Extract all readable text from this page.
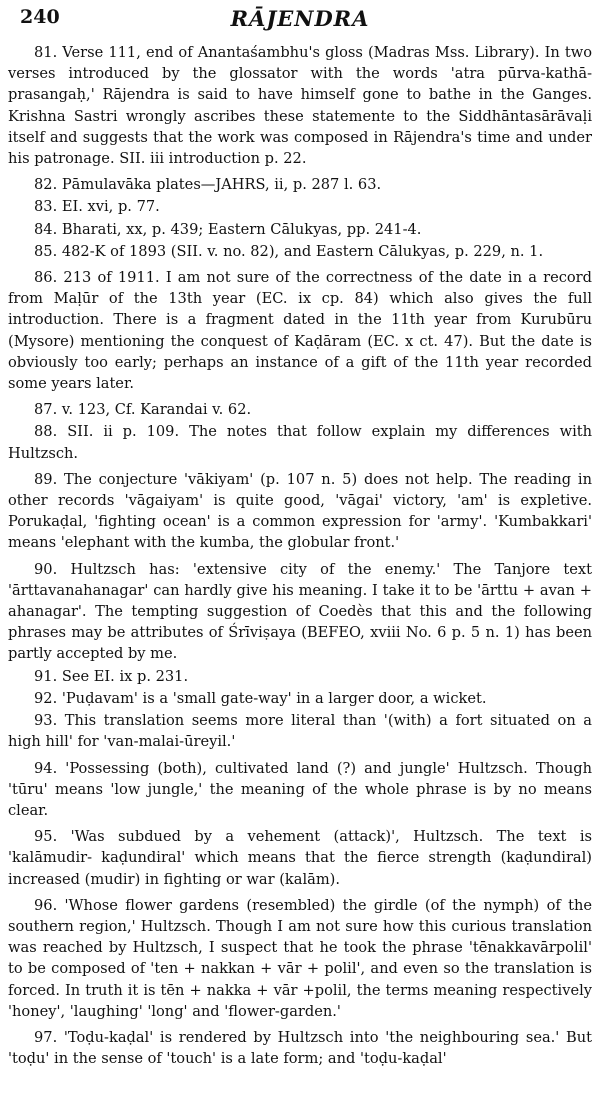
240	RĀJENDRA

81. Verse 111, end of Anantaśambhu's gloss (Madras Mss. Library). In two verses introduced by the glossator with the words 'atra pūrva-kathā-prasangaḥ,' Rājendra is said to have himself gone to bathe in the Ganges. Krishna Sastri wrongly ascribes these statemente to the Siddhāntasārāvaḷi itself and suggests that the work was composed in Rājendra's time and under his patronage. SII. iii introduction p. 22.

82. Pāmulavāka plates—JAHRS, ii, p. 287 l. 63.

83. EI. xvi, p. 77.

84. Bharati, xx, p. 439; Eastern Cālukyas, pp. 241-4.

85. 482-K of 1893 (SII. v. no. 82), and Eastern Cālukyas, p. 229, n. 1.

86. 213 of 1911. I am not sure of the correctness of the date in a record from Maḷūr of the 13th year (EC. ix cp. 84) which also gives the full introduction. There is a fragment dated in the 11th year from Kurubūru (Mysore) mentioning the conquest of Kaḍāram (EC. x ct. 47). But the date is obviously too early; perhaps an instance of a gift of the 11th year recorded some years later.

87. v. 123, Cf. Karandai v. 62.

88. SII. ii p. 109. The notes that follow explain my differences with Hultzsch.

89. The conjecture 'vākiyam' (p. 107 n. 5) does not help. The reading in other records 'vāgaiyam' is quite good, 'vāgai' victory, 'am' is expletive. Porukaḍal, 'fighting ocean' is a common expression for 'army'. 'Kumbakkari' means 'elephant with the kumba, the globular front.'

90. Hultzsch has: 'extensive city of the enemy.' The Tanjore text 'ārttavanahanagar' can hardly give his meaning. I take it to be 'ārttu + avan + ahanagar'. The tempting suggestion of Coedès that this and the following phrases may be attributes of Śrīviṣaya (BEFEO, xviii No. 6 p. 5 n. 1) has been partly accepted by me.

91. See EI. ix p. 231.

92. 'Puḍavam' is a 'small gate-way' in a larger door, a wicket.

93. This translation seems more literal than '(with) a fort situated on a high hill' for 'van-malai-ūreyil.'

94. 'Possessing (both), cultivated land (?) and jungle' Hultzsch. Though 'tūru' means 'low jungle,' the meaning of the whole phrase is by no means clear.

95. 'Was subdued by a vehement (attack)', Hultzsch. The text is 'kalāmudir- kaḍundiral' which means that the fierce strength (kaḍundiral) increased (mudir) in fighting or war (kalām).

96. 'Whose flower gardens (resembled) the girdle (of the nymph) of the southern region,' Hultzsch. Though I am not sure how this curious translation was reached by Hultzsch, I suspect that he took the phrase 'tēnakkavārpolil' to be composed of 'ten + nakkan + vār + polil', and even so the translation is forced. In truth it is tēn + nakka + vār +polil, the terms meaning respectively 'honey', 'laughing' 'long' and 'flower-garden.'

97. 'Toḍu-kaḍal' is rendered by Hultzsch into 'the neighbouring sea.' But 'toḍu' in the sense of 'touch' is a late form; and 'toḍu-kaḍal'
